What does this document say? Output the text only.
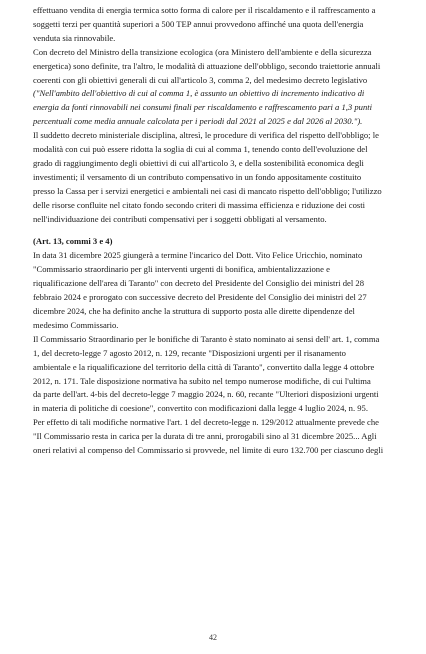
effettuano vendita di energia termica sotto forma di calore per il riscaldamento e il raffrescamento a
soggetti terzi per quantità superiori a 500 TEP annui provvedono affinché una quota dell'energia
venduta sia rinnovabile.
Con decreto del Ministro della transizione ecologica (ora Ministero dell'ambiente e della sicurezza
energetica) sono definite, tra l'altro, le modalità di attuazione dell'obbligo, secondo traiettorie annuali
coerenti con gli obiettivi generali di cui all'articolo 3, comma 2, del medesimo decreto legislativo
("Nell'ambito dell'obiettivo di cui al comma 1, è assunto un obiettivo di incremento indicativo di
energia da fonti rinnovabili nei consumi finali per riscaldamento e raffrescamento pari a 1,3 punti
percentuali come media annuale calcolata per i periodi dal 2021 al 2025 e dal 2026 al 2030.").
Il suddetto decreto ministeriale disciplina, altresì, le procedure di verifica del rispetto dell'obbligo; le
modalità con cui può essere ridotta la soglia di cui al comma 1, tenendo conto dell'evoluzione del
grado di raggiungimento degli obiettivi di cui all'articolo 3, e della sostenibilità economica degli
investimenti; il versamento di un contributo compensativo in un fondo appositamente costituito
presso la Cassa per i servizi energetici e ambientali nei casi di mancato rispetto dell'obbligo; l'utilizzo
delle risorse confluite nel citato fondo secondo criteri di massima efficienza e riduzione dei costi
nell'individuazione dei contributi compensativi per i soggetti obbligati al versamento.
(Art. 13, commi 3 e 4)
In data 31 dicembre 2025 giungerà a termine l'incarico del Dott. Vito Felice Uricchio, nominato
"Commissario straordinario per gli interventi urgenti di bonifica, ambientalizzazione e
riqualificazione dell'area di Taranto" con decreto del Presidente del Consiglio dei ministri del 28
febbraio 2024 e prorogato con successive decreto del Presidente del Consiglio dei ministri del 27
dicembre 2024, che ha definito anche la struttura di supporto posta alle dirette dipendenze del
medesimo Commissario.
Il Commissario Straordinario per le bonifiche di Taranto è stato nominato ai sensi dell' art. 1, comma
1, del decreto-legge 7 agosto 2012, n. 129, recante "Disposizioni urgenti per il risanamento
ambientale e la riqualificazione del territorio della città di Taranto", convertito dalla legge 4 ottobre
2012, n. 171. Tale disposizione normativa ha subito nel tempo numerose modifiche, di cui l'ultima
da parte dell'art. 4-bis del decreto-legge 7 maggio 2024, n. 60, recante "Ulteriori disposizioni urgenti
in materia di politiche di coesione", convertito con modificazioni dalla legge 4 luglio 2024, n. 95.
Per effetto di tali modifiche normative l'art. 1 del decreto-legge n. 129/2012 attualmente prevede che
"Il Commissario resta in carica per la durata di tre anni, prorogabili sino al 31 dicembre 2025... Agli
oneri relativi al compenso del Commissario si provvede, nel limite di euro 132.700 per ciascuno degli
42
